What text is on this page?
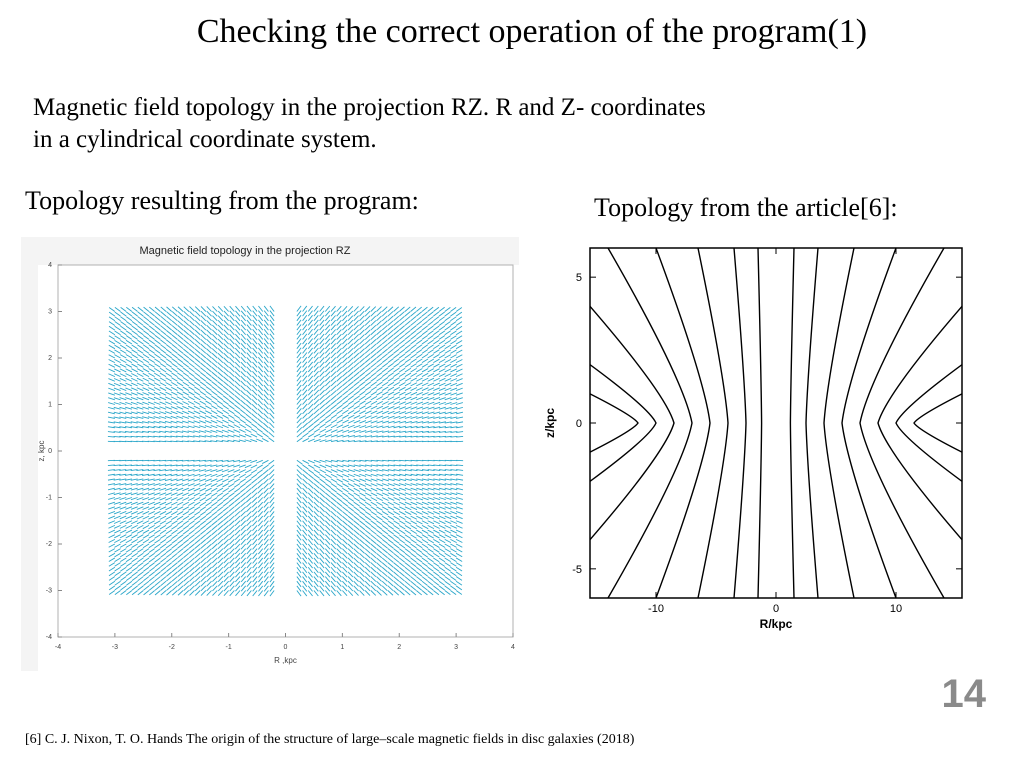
Checking the correct operation of the program(1)
Magnetic field topology in the projection RZ. R and Z- coordinates
in a cylindrical coordinate system.
Topology resulting from the program:	Topology from the article[6]:
Magnetic field topology in the projection RZ
-4	-3	-2	-1	0	1	2	3	4
4
3
2
1
0
-1
-2
-3
-4
R ,kpc
z, kpc
-10	0	10
5
0
-5
R/kpc
z/kpc
14
[6] C. J. Nixon, T. O. Hands The origin of the structure of large–scale magnetic fields in disc galaxies (2018)
